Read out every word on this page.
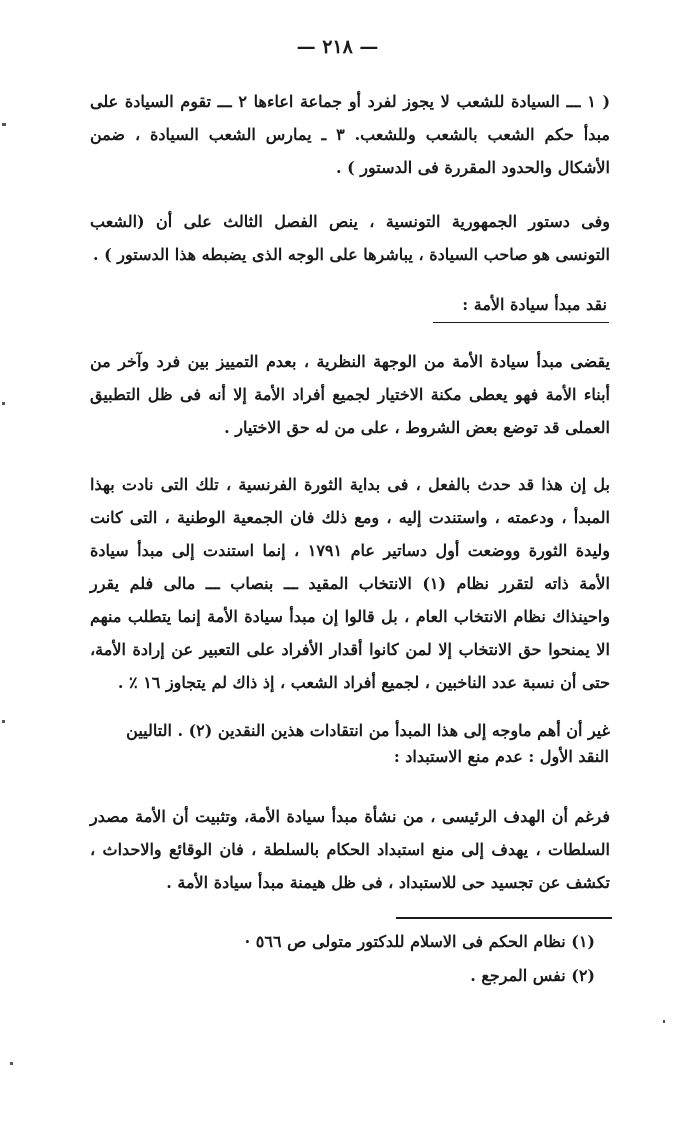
— ٢١٨ —

( ١ ـــ السيادة للشعب لا يجوز لفرد أو جماعة اعاءها ٢ ـــ تقوم السيادة على مبدأ حكم الشعب بالشعب وللشعب. ٣ ـ يمارس الشعب السيادة ، ضمن الأشكال والحدود المقررة فى الدستور ) .

وفى دستور الجمهورية التونسية ، ينص الفصل الثالث على أن (الشعب التونسى هو صاحب السيادة ، يباشرها على الوجه الذى يضبطه هذا الدستور ) .

نقد مبدأ سيادة الأمة :

يقضى مبدأ سيادة الأمة من الوجهة النظرية ، بعدم التمييز بين فرد وآخر من أبناء الأمة فهو يعطى مكنة الاختيار لجميع أفراد الأمة إلا أنه فى ظل التطبيق العملى قد توضع بعض الشروط ، على من له حق الاختيار .

بل إن هذا قد حدث بالفعل ، فى بداية الثورة الفرنسية ، تلك التى نادت بهذا المبدأ ، ودعمته ، واستندت إليه ، ومع ذلك فان الجمعية الوطنية ، التى كانت وليدة الثورة ووضعت أول دساتير عام ١٧٩١ ، إنما استندت إلى مبدأ سيادة الأمة ذاته لتقرر نظام (١) الانتخاب المقيد ـــ بنصاب ـــ مالى فلم يقرر واحينذاك نظام الانتخاب العام ، بل قالوا إن مبدأ سيادة الأمة إنما يتطلب منهم الا يمنحوا حق الانتخاب إلا لمن كانوا أقدار الأفراد على التعبير عن إرادة الأمة، حتى أن نسبة عدد الناخبين ، لجميع أفراد الشعب ، إذ ذاك لم يتجاوز ١٦ ٪ .

غير أن أهم ماوجه إلى هذا المبدأ من انتقادات هذين النقدين (٢) . التاليين

النقد الأول : عدم منع الاستبداد :

فرغم أن الهدف الرئيسى ، من نشأة مبدأ سيادة الأمة، وتثبيت أن الأمة مصدر السلطات ، يهدف إلى منع استبداد الحكام بالسلطة ، فان الوقائع والاحداث ، تكشف عن تجسيد حى للاستبداد ، فى ظل هيمنة مبدأ سيادة الأمة .

(١) نظام الحكم فى الاسلام للدكتور متولى ص ٥٦٦ ·

(٢) نفس المرجع .
